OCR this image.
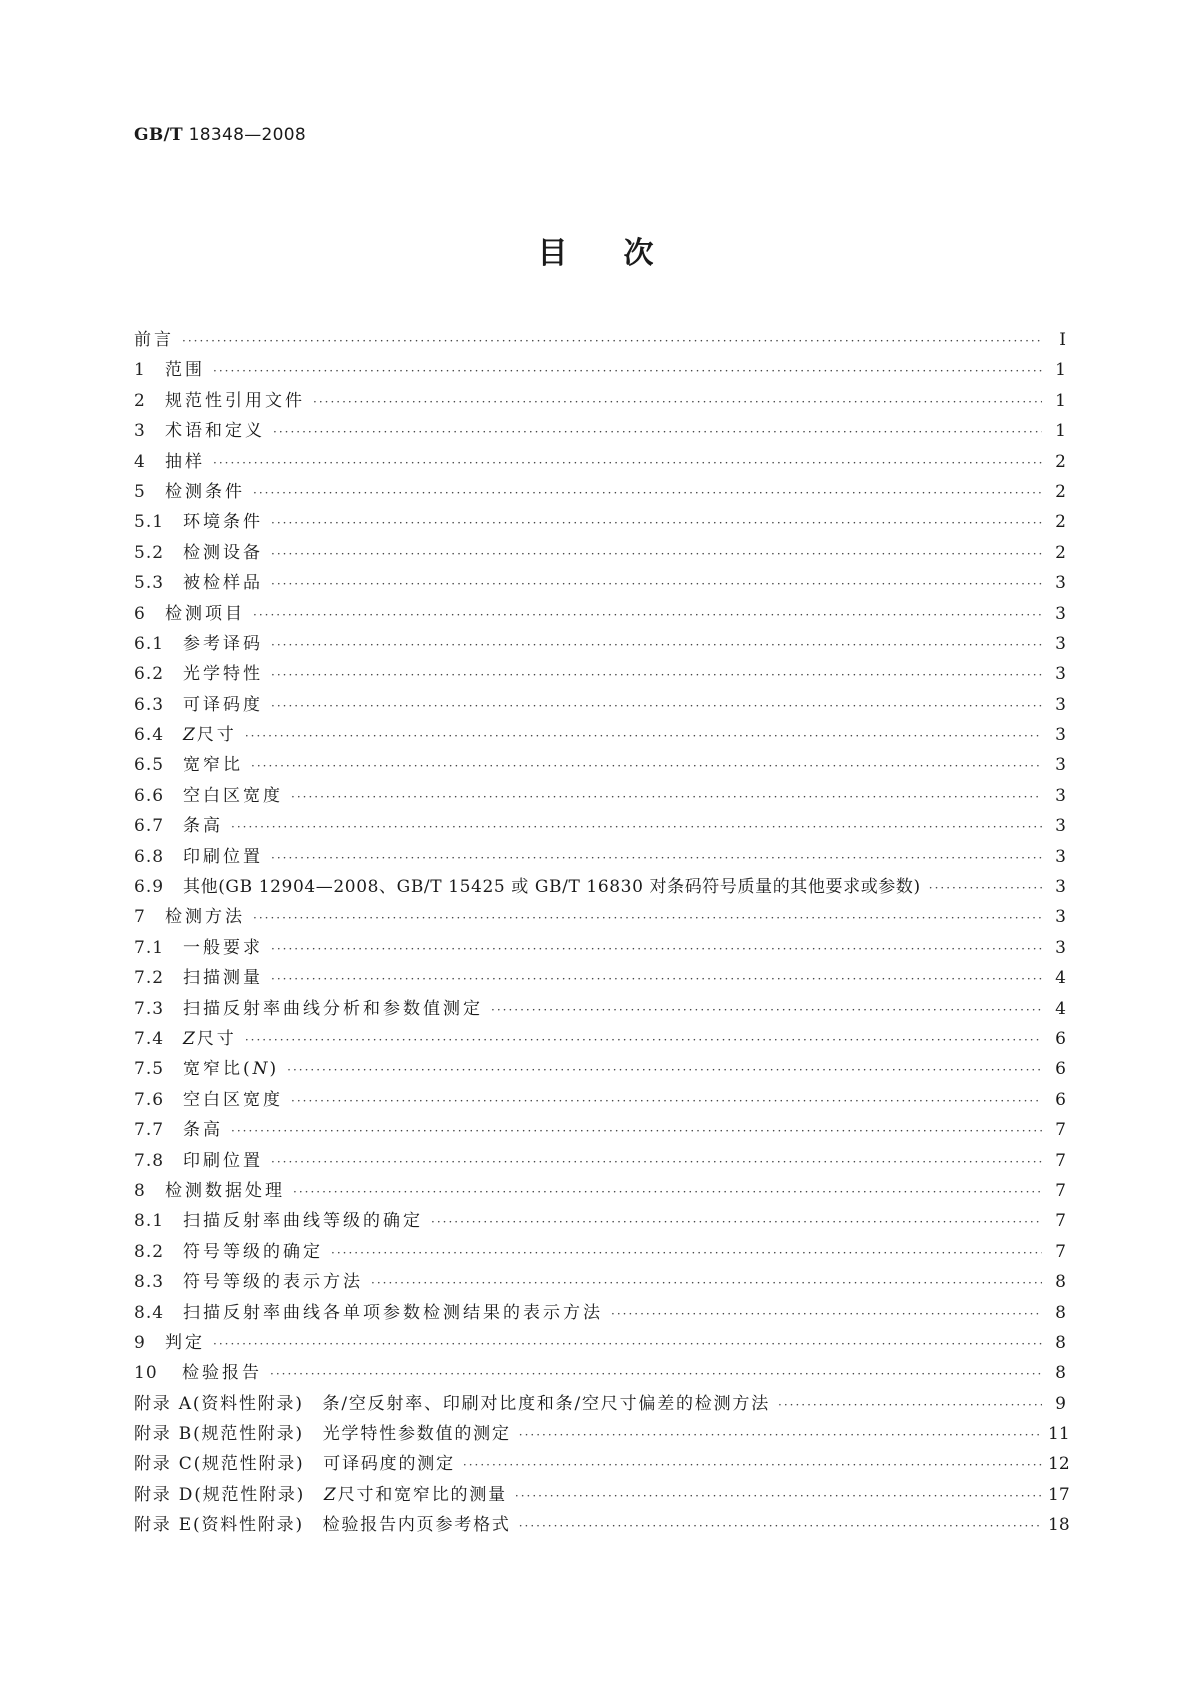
GB/T 18348—2008
目次
前言 ·····	Ⅰ
1	范围 ·····	1
2	规范性引用文件 ·····	1
3	术语和定义 ·····	1
4	抽样 ·····	2
5	检测条件 ·····	2
5.1	环境条件 ·····	2
5.2	检测设备 ·····	2
5.3	被检样品 ·····	3
6	检测项目 ·····	3
6.1	参考译码 ·····	3
6.2	光学特性 ·····	3
6.3	可译码度 ·····	3
6.4	Z 尺寸 ·····	3
6.5	宽窄比 ·····	3
6.6	空白区宽度 ·····	3
6.7	条高 ·····	3
6.8	印刷位置 ·····	3
6.9	其他(GB 12904—2008、GB/T 15425 或 GB/T 16830 对条码符号质量的其他要求或参数) ·····	3
7	检测方法 ·····	3
7.1	一般要求 ·····	3
7.2	扫描测量 ·····	4
7.3	扫描反射率曲线分析和参数值测定 ·····	4
7.4	Z 尺寸 ·····	6
7.5	宽窄比(N ) ·····	6
7.6	空白区宽度 ·····	6
7.7	条高 ·····	7
7.8	印刷位置 ·····	7
8	检测数据处理 ·····	7
8.1	扫描反射率曲线等级的确定 ·····	7
8.2	符号等级的确定 ·····	7
8.3	符号等级的表示方法 ·····	8
8.4	扫描反射率曲线各单项参数检测结果的表示方法 ·····	8
9	判定 ·····	8
10	检验报告 ·····	8
附录 A(资料性附录)　条/空反射率、印刷对比度和条/空尺寸偏差的检测方法 ·····	9
附录 B(规范性附录)　光学特性参数值的测定 ·····	11
附录 C(规范性附录)　可译码度的测定 ·····	12
附录 D(规范性附录)　Z 尺寸和宽窄比的测量 ·····	17
附录 E(资料性附录)　检验报告内页参考格式 ·····	18
